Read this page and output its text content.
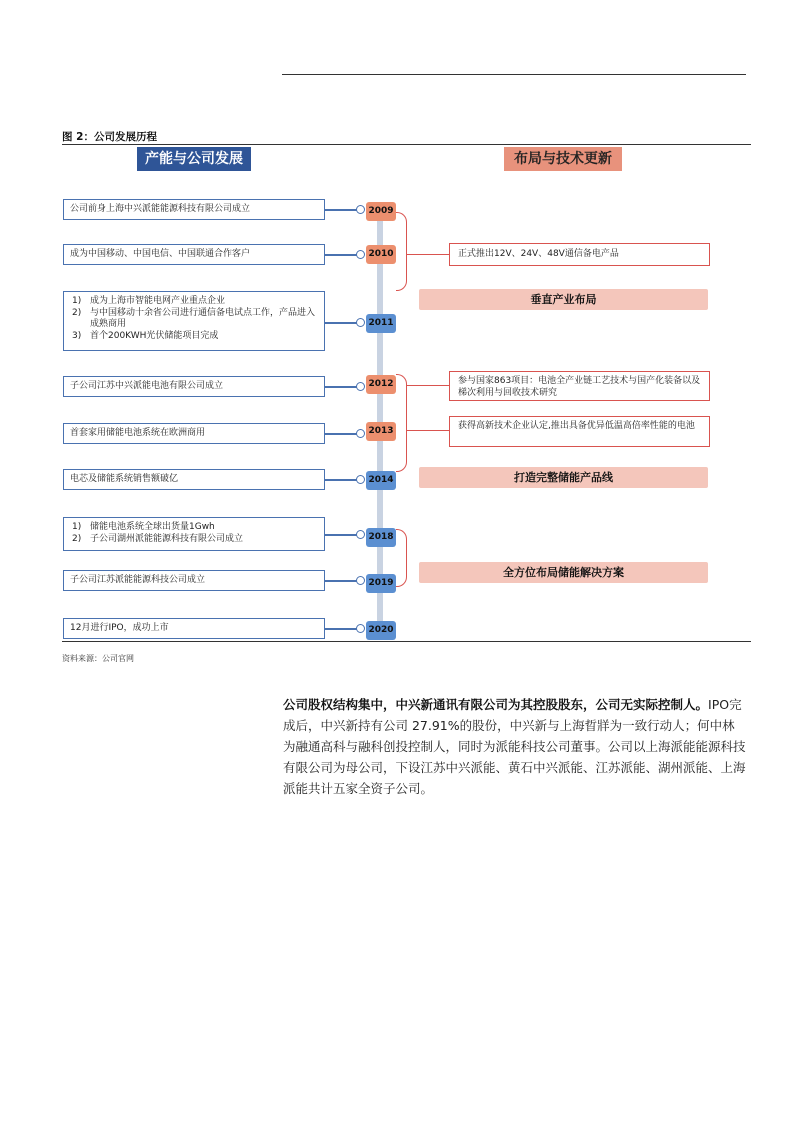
图 2：公司发展历程
产能与公司发展	布局与技术更新
公司前身上海中兴派能能源科技有限公司成立	2009
成为中国移动、中国电信、中国联通合作客户	2010
1) 成为上海市智能电网产业重点企业
2) 与中国移动十余省公司进行通信备电试点工作，产品进入成熟商用
3) 首个200KWH光伏储能项目完成
2011
子公司江苏中兴派能电池有限公司成立	2012
首套家用储能电池系统在欧洲商用	2013
电芯及储能系统销售额破亿	2014
1) 储能电池系统全球出货量1Gwh
2) 子公司湖州派能能源科技有限公司成立	2018
子公司江苏派能能源科技公司成立	2019
12月进行IPO，成功上市	2020
正式推出12V、24V、48V通信备电产品
垂直产业布局
参与国家863项目：电池全产业链工艺技术与国产化装备以及梯次利用与回收技术研究
获得高新技术企业认定,推出具备优异低温高倍率性能的电池
打造完整储能产品线
全方位布局储能解决方案
资料来源：公司官网
公司股权结构集中，中兴新通讯有限公司为其控股股东，公司无实际控制人。IPO完成后，中兴新持有公司 27.91%的股份，中兴新与上海晢牂为一致行动人；何中林为融通高科与融科创投控制人，同时为派能科技公司董事。公司以上海派能能源科技有限公司为母公司，下设江苏中兴派能、黄石中兴派能、江苏派能、湖州派能、上海派能共计五家全资子公司。
